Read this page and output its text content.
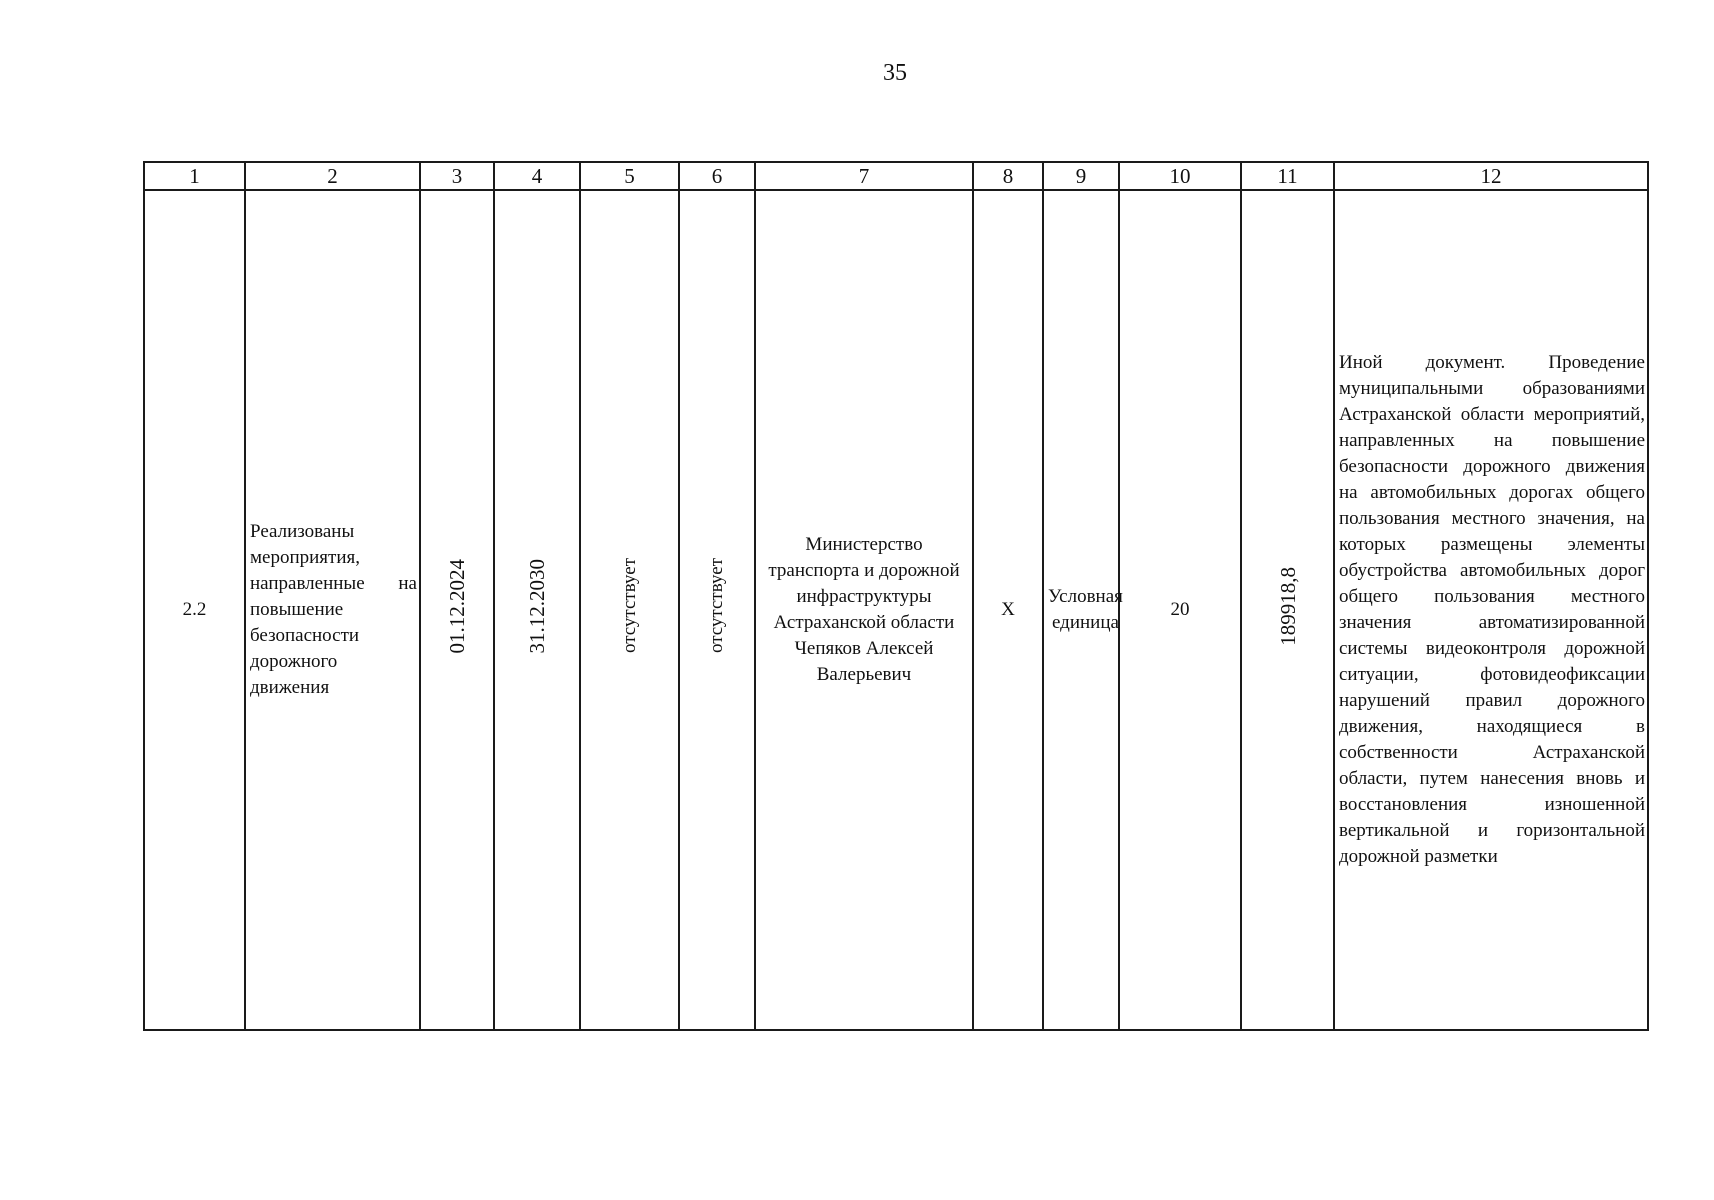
35
1	2	3	4	5	6	7	8	9	10	11	12
2.2	Реализованы мероприятия, направленные на повышение безопасности дорожного движения	01.12.2024	31.12.2030	отсутствует	отсутствует	Министерство транспорта и дорожной инфраструктуры Астраханской области Чепяков Алексей Валерьевич	X	Условная единица	20	189918,8	Иной документ. Проведение муниципальными образованиями Астраханской области мероприятий, направленных на повышение безопасности дорожного движения на автомобильных дорогах общего пользования местного значения, на которых размещены элементы обустройства автомобильных дорог общего пользования местного значения автоматизированной системы видеоконтроля дорожной ситуации, фотовидеофиксации нарушений правил дорожного движения, находящиеся в собственности Астраханской области, путем нанесения вновь и восстановления изношенной вертикальной и горизонтальной дорожной разметки
